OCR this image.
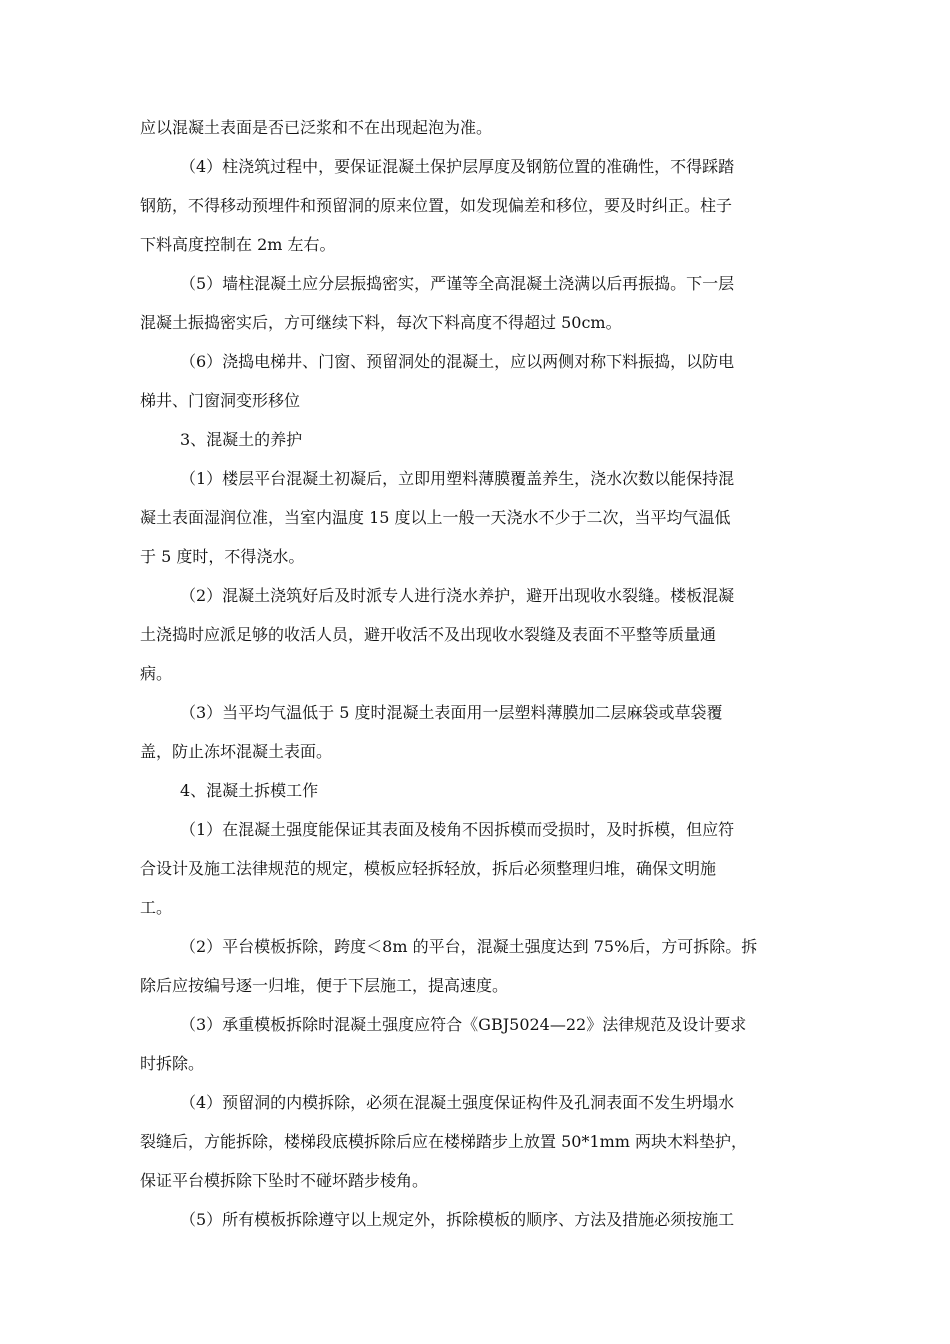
应以混凝土表面是否已泛浆和不在出现起泡为准。
（4）柱浇筑过程中，要保证混凝土保护层厚度及钢筋位置的准确性，不得踩踏
钢筋，不得移动预埋件和预留洞的原来位置，如发现偏差和移位，要及时纠正。柱子
下料高度控制在 2m 左右。
（5）墙柱混凝土应分层振捣密实，严谨等全高混凝土浇满以后再振捣。下一层
混凝土振捣密实后，方可继续下料，每次下料高度不得超过 50cm。
（6）浇捣电梯井、门窗、预留洞处的混凝土，应以两侧对称下料振捣，以防电
梯井、门窗洞变形移位
3、混凝土的养护
（1）楼层平台混凝土初凝后，立即用塑料薄膜覆盖养生，浇水次数以能保持混
凝土表面湿润位准，当室内温度 15 度以上一般一天浇水不少于二次，当平均气温低
于 5 度时，不得浇水。
（2）混凝土浇筑好后及时派专人进行浇水养护，避开出现收水裂缝。楼板混凝
土浇捣时应派足够的收活人员，避开收活不及出现收水裂缝及表面不平整等质量通
病。
（3）当平均气温低于 5 度时混凝土表面用一层塑料薄膜加二层麻袋或草袋覆
盖，防止冻坏混凝土表面。
4、混凝土拆模工作
（1）在混凝土强度能保证其表面及棱角不因拆模而受损时，及时拆模，但应符
合设计及施工法律规范的规定，模板应轻拆轻放，拆后必须整理归堆，确保文明施
工。
（2）平台模板拆除，跨度＜8m 的平台，混凝土强度达到 75%后，方可拆除。拆
除后应按编号逐一归堆，便于下层施工，提高速度。
（3）承重模板拆除时混凝土强度应符合《GBJ5024—22》法律规范及设计要求
时拆除。
（4）预留洞的内模拆除，必须在混凝土强度保证构件及孔洞表面不发生坍塌水
裂缝后，方能拆除，楼梯段底模拆除后应在楼梯踏步上放置 50*1mm 两块木料垫护，
保证平台模拆除下坠时不碰坏踏步棱角。
（5）所有模板拆除遵守以上规定外，拆除模板的顺序、方法及措施必须按施工
